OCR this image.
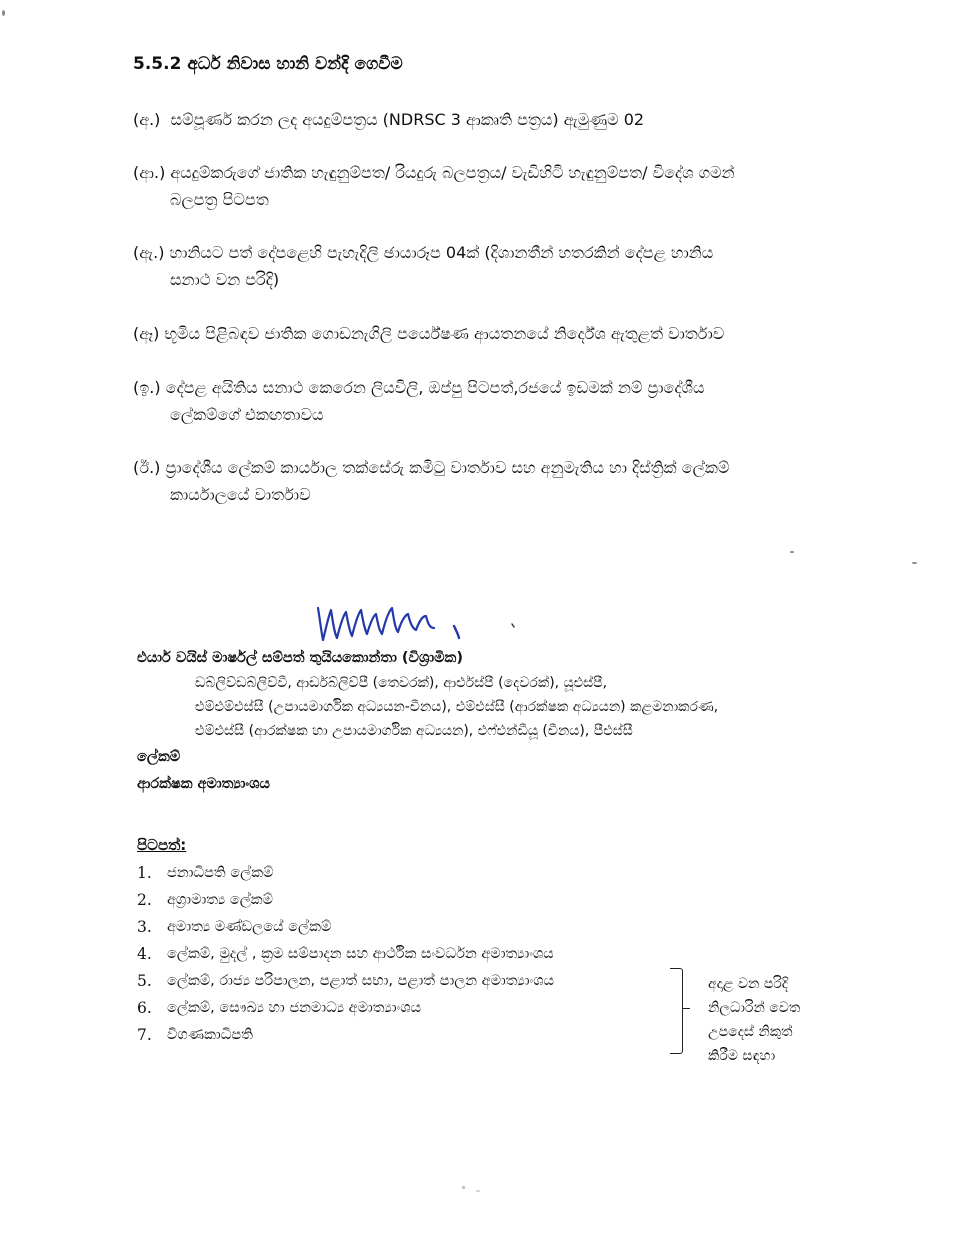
5.5.2 අර්ධ නිවාස හානි වන්දි ගෙවීම
(අ.) සම්පූර්ණ කරන ලද අයදුම්පත්‍රය (NDRSC 3 ආකෘති පත්‍රය) ඇමුණුම 02
(ආ.) අයදුම්කරුගේ ජාතික හැඳුනුම්පත/ රියදුරු බලපත්‍රය/ වැඩිහිටි හැඳුනුම්පත/ විදේශ ගමන්
බලපත්‍ර පිටපත
(ඇ.) හානියට පත් දේපළෙහි පැහැදිලි ඡායාරූප 04ක් (දිශානතීන් හතරකින් දේපළ හානිය
සනාථ වන පරිදි)
(ඈ) භූමිය පිළිබඳව ජාතික ගොඩනැගිලි පර්යේෂණ ආයතනයේ නිර්දේශ ඇතුළත් වාර්තාව
(ඉ.) දේපළ අයිතිය සනාථ කෙරෙන ලියවිලි, ඔප්පු පිටපත්,රජයේ ඉඩමක් නම් ප්‍රාදේශීය
ලේකම්ගේ එකඟතාවය
(ඊ.) ප්‍රාදේශීය ලේකම් කාර්යාල තක්සේරු කමිටු වාර්තාව සහ අනුමැතිය හා දිස්ත්‍රික් ලේකම්
කාර්යාලයේ වාර්තාව
එයාර් වයිස් මාර්ෂල් සම්පත් තුයියකොන්තා (විශ්‍රාමික)
ඩබ්ලිව්ඩබ්ලිව්වී, ආර්ඩබ්ලිව්පී (තෙවරක්), ආර්එස්පී (දෙවරක්), යූඑස්පී,
එම්එම්එස්සී (උපායමාර්ගික අධ්‍යයන-චීනය), එම්එස්සී (ආරක්ෂක අධ්‍යයන) කළමනාකරණ,
එම්එස්සී (ආරක්ෂක හා උපායමාර්ගික අධ්‍යයන), එෆ්එන්ඩීයූ (චීනය), පීඑස්සී
ලේකම්
ආරක්ෂක අමාත්‍යාංශය
පිටපත්:
1.	ජනාධිපති ලේකම්
2.	අග්‍රාමාත්‍ය ලේකම්
3.	අමාත්‍ය මණ්ඩලයේ ලේකම්
4.	ලේකම්, මුදල් , ක්‍රම සම්පාදන සහ ආර්ථික සංවර්ධන අමාත්‍යාංශය
5.	ලේකම්, රාජ්‍ය පරිපාලන, පළාත් සභා, පළාත් පාලන අමාත්‍යාංශය
6.	ලේකම්, සෞඛ්‍ය හා ජනමාධ්‍ය අමාත්‍යාංශය
7.	විගණකාධිපති
අදාළ වන පරිදි
නිලධාරින් වෙත
උපදෙස් නිකුත්
කිරීම සඳහා
